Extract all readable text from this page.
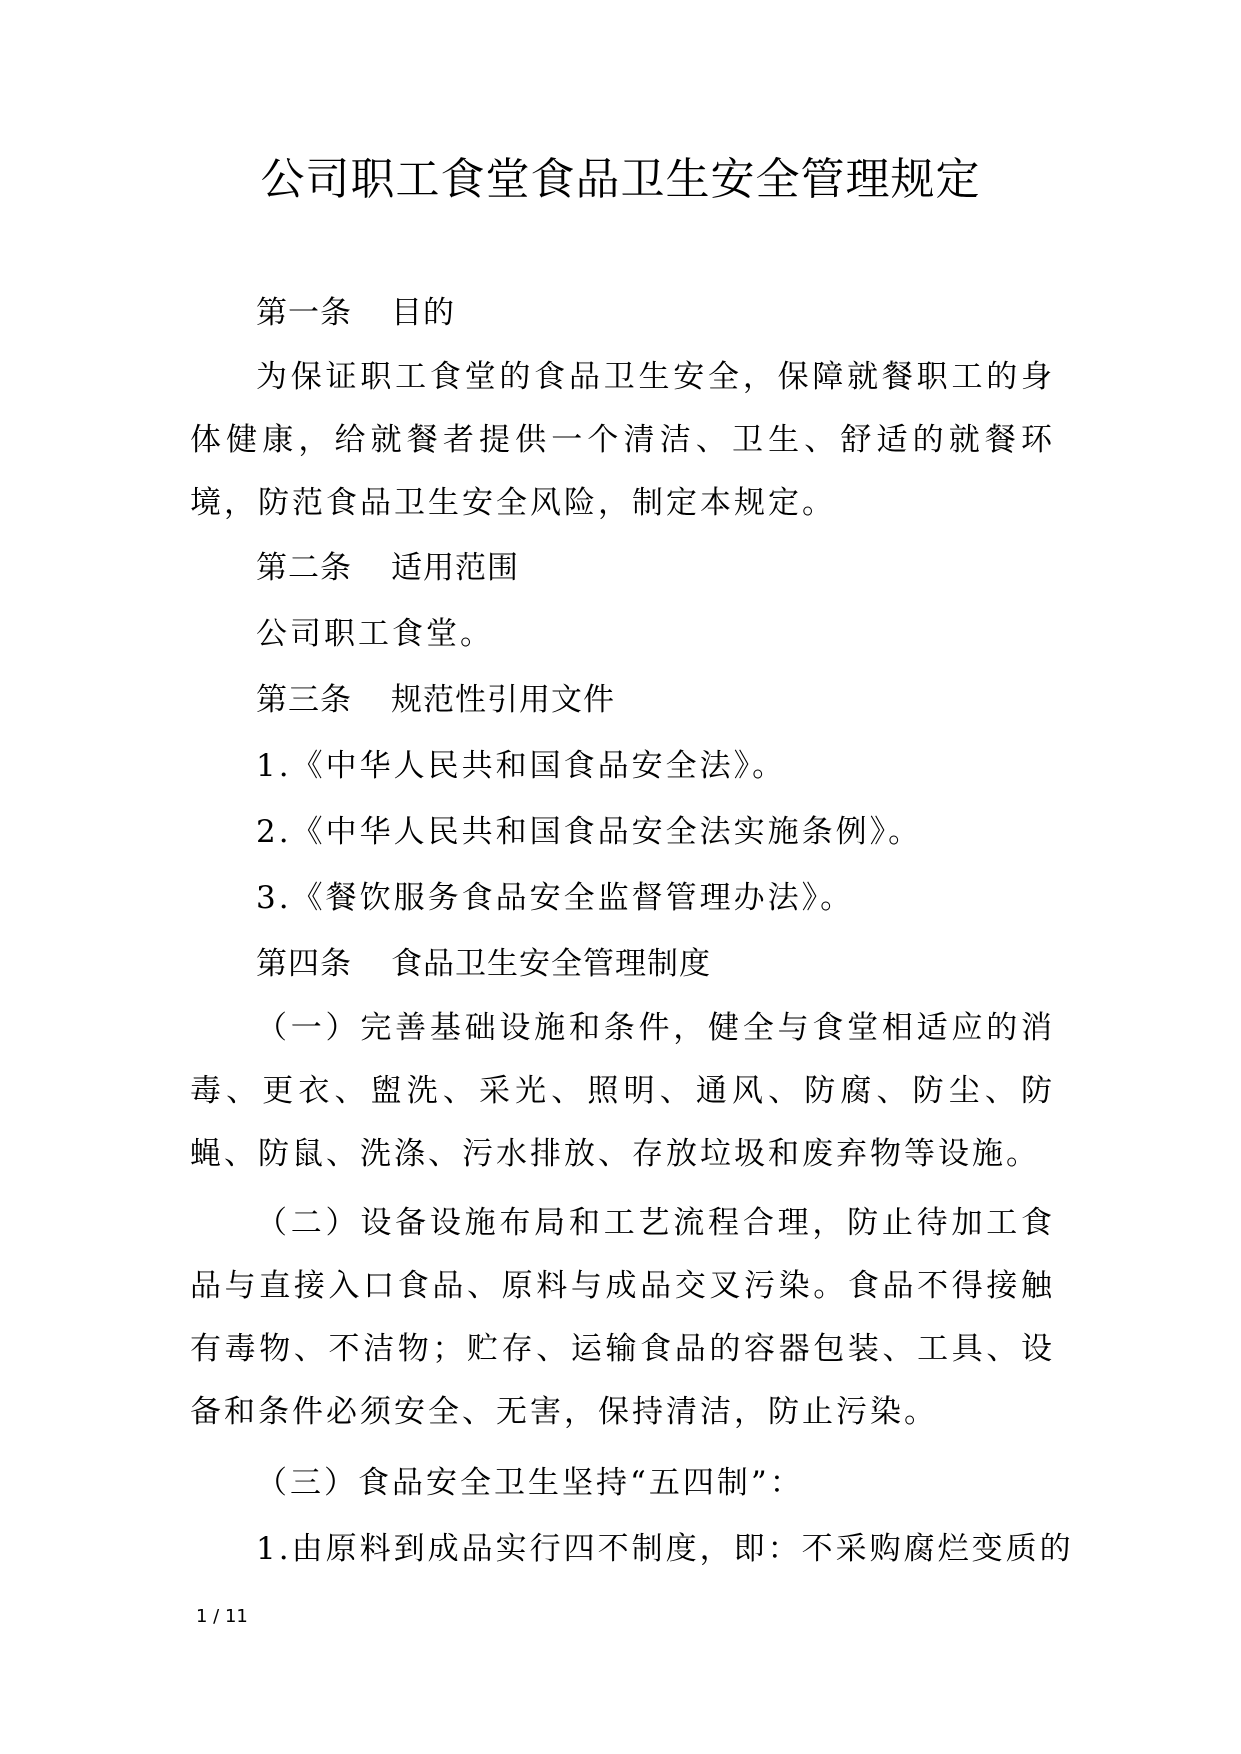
公司职工食堂食品卫生安全管理规定
第一条 目的

为保证职工食堂的食品卫生安全，保障就餐职工的身体健康，给就餐者提供一个清洁、卫生、舒适的就餐环境，防范食品卫生安全风险，制定本规定。

第二条 适用范围
公司职工食堂。
第三条 规范性引用文件
1.《中华人民共和国食品安全法》。
2.《中华人民共和国食品安全法实施条例》。
3.《餐饮服务食品安全监督管理办法》。
第四条 食品卫生安全管理制度

（一）完善基础设施和条件，健全与食堂相适应的消毒、更衣、盥洗、采光、照明、通风、防腐、防尘、防蝇、防鼠、洗涤、污水排放、存放垃圾和废弃物等设施。

（二）设备设施布局和工艺流程合理，防止待加工食品与直接入口食品、原料与成品交叉污染。食品不得接触有毒物、不洁物；贮存、运输食品的容器包装、工具、设备和条件必须安全、无害，保持清洁，防止污染。

（三）食品安全卫生坚持“五四制”：
1.由原料到成品实行四不制度，即：不采购腐烂变质的
1 / 11
